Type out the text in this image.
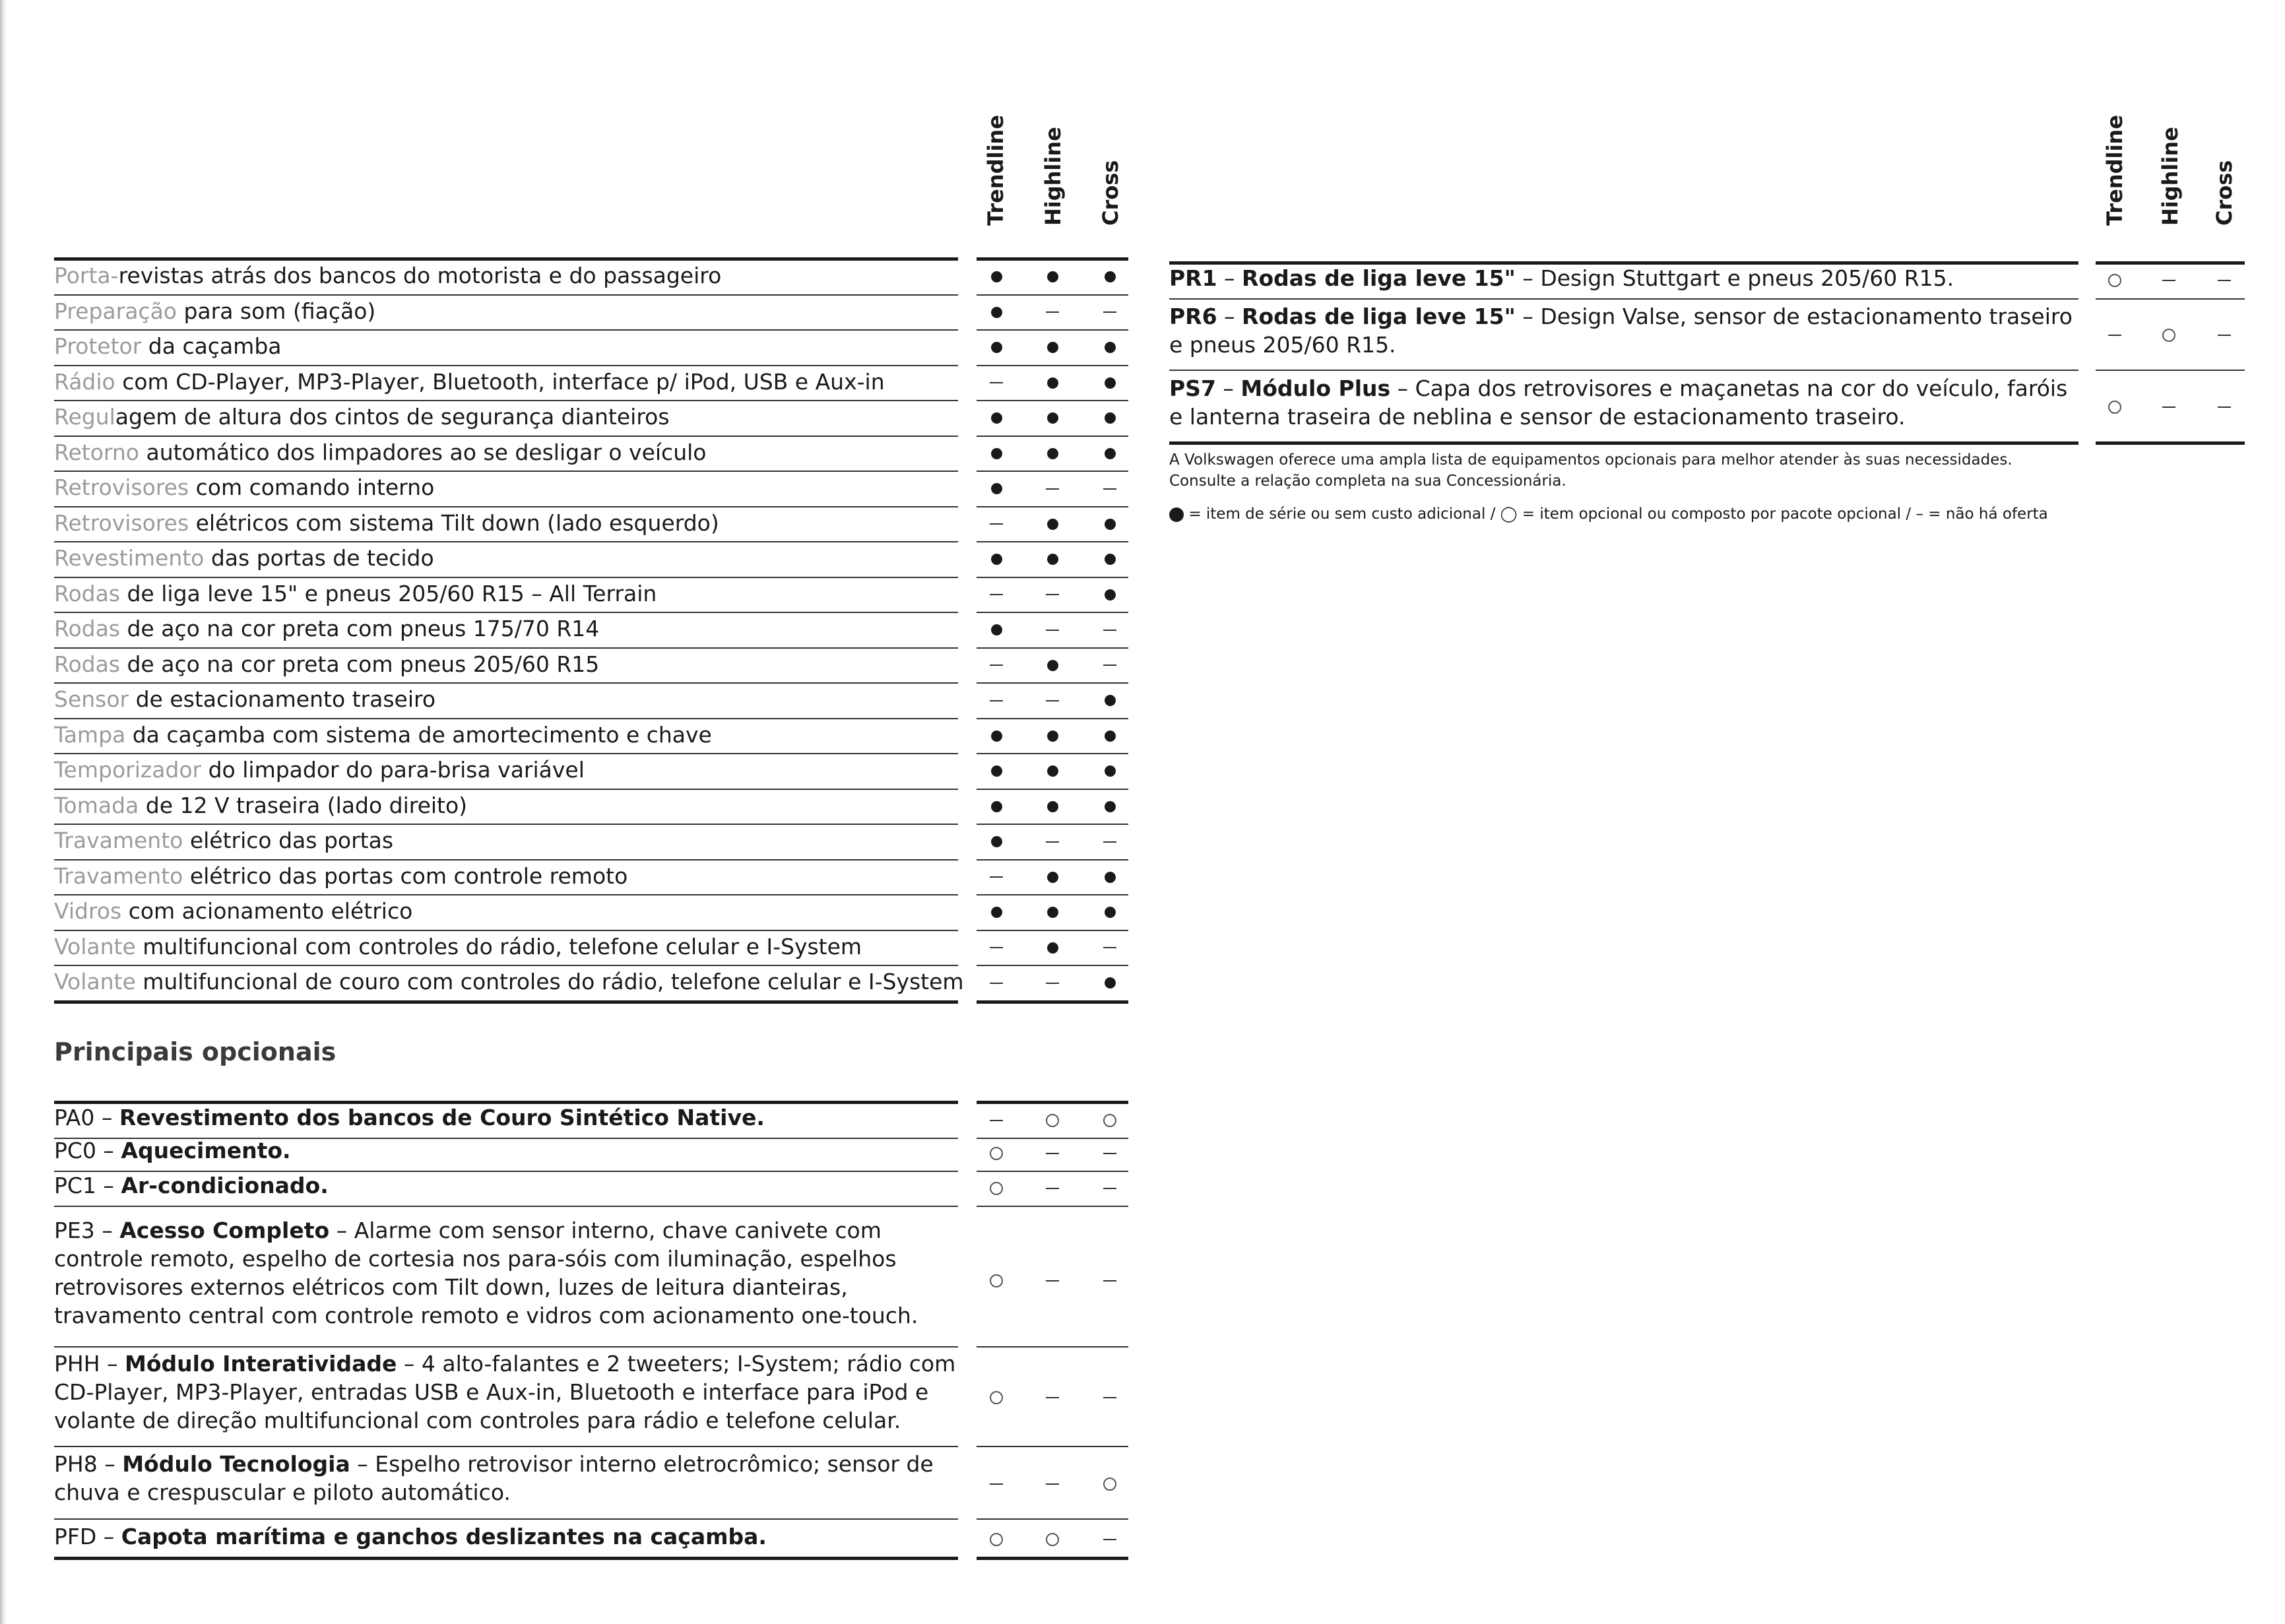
Trendline Highline Cross
Porta-revistas atrás dos bancos do motorista e do passageiro
Preparação para som (fiação)
Protetor da caçamba
Rádio com CD-Player, MP3-Player, Bluetooth, interface p/ iPod, USB e Aux-in
Regulagem de altura dos cintos de segurança dianteiros
Retorno automático dos limpadores ao se desligar o veículo
Retrovisores com comando interno
Retrovisores elétricos com sistema Tilt down (lado esquerdo)
Revestimento das portas de tecido
Rodas de liga leve 15" e pneus 205/60 R15 – All Terrain
Rodas de aço na cor preta com pneus 175/70 R14
Rodas de aço na cor preta com pneus 205/60 R15
Sensor de estacionamento traseiro
Tampa da caçamba com sistema de amortecimento e chave
Temporizador do limpador do para-brisa variável
Tomada de 12 V traseira (lado direito)
Travamento elétrico das portas
Travamento elétrico das portas com controle remoto
Vidros com acionamento elétrico
Volante multifuncional com controles do rádio, telefone celular e I-System
Volante multifuncional de couro com controles do rádio, telefone celular e I-System
Principais opcionais
PA0 – Revestimento dos bancos de Couro Sintético Native.
PC0 – Aquecimento.
PC1 – Ar-condicionado.
PE3 – Acesso Completo – Alarme com sensor interno, chave canivete com controle remoto, espelho de cortesia nos para-sóis com iluminação, espelhos retrovisores externos elétricos com Tilt down, luzes de leitura dianteiras, travamento central com controle remoto e vidros com acionamento one-touch.
PHH – Módulo Interatividade – 4 alto-falantes e 2 tweeters; I-System; rádio com CD-Player, MP3-Player, entradas USB e Aux-in, Bluetooth e interface para iPod e volante de direção multifuncional com controles para rádio e telefone celular.
PH8 – Módulo Tecnologia – Espelho retrovisor interno eletrocrômico; sensor de chuva e crespuscular e piloto automático.
PFD – Capota marítima e ganchos deslizantes na caçamba.
Trendline Highline Cross
PR1 – Rodas de liga leve 15" – Design Stuttgart e pneus 205/60 R15.
PR6 – Rodas de liga leve 15" – Design Valse, sensor de estacionamento traseiro e pneus 205/60 R15.
PS7 – Módulo Plus – Capa dos retrovisores e maçanetas na cor do veículo, faróis e lanterna traseira de neblina e sensor de estacionamento traseiro.
A Volkswagen oferece uma ampla lista de equipamentos opcionais para melhor atender às suas necessidades.
Consulte a relação completa na sua Concessionária.
= item de série ou sem custo adicional / ◯ = item opcional ou composto por pacote opcional / – = não há oferta
